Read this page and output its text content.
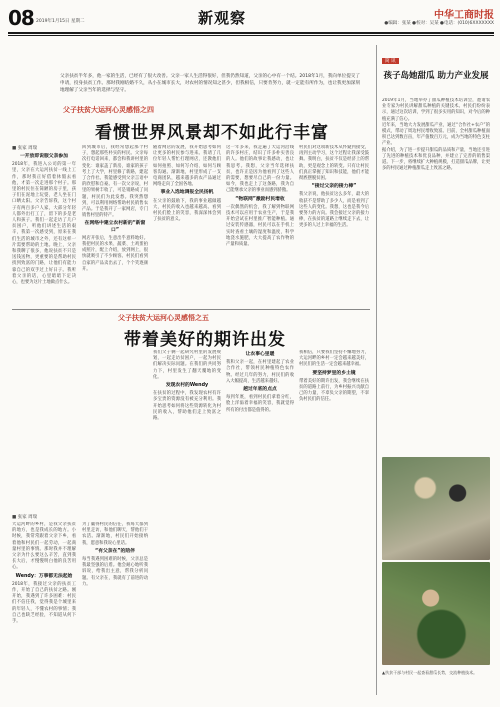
08 2019年1月15日 星期二	新观察	中华工商时报
●编辑：张某 ●校对：吴某 ●电话：(010)6XXXXXXX
父亲扶贫半年多，他一家的生活，已经有了很大改善。父亲一家人生活得很好，但我仍然知道，父亲的心中有一个结。2018年1月，我向单位提交了申请，投身扶贫工作。那时我刚结婚不久，从小在城市长大，对农村的情况知之甚少，但我相信，只要肯努力，就一定能有所作为，也让我更加深刻地理解了父亲当年的选择与坚守。
父子扶贫大运河心灵感悟之四
看惯世界风景却不如此行丰富
■ 张家 周瑞
一开放即说服父亲参加
2018年，我进入公司的第一年里，父亲在大运河扶贫一线上工作，那时我正好借着休假去看他，才第一次走进那个村子。那里的村民住在简陋的房子里，孩子们在泥地上玩耍，老人坐在门口晒太阳。父亲告诉我，这个村子有两百多户人家，大部分年轻人都外出打工了，留下的多是老人和孩子。我们一起走访了几户贫困户，听他们讲述生活的艰辛，我第一次感受到，原来在我们生活的城市之外，还有这样一片需要帮助的土地。晚上，父亲和我聊了很多，他说扶贫不只是送钱送物，更重要的是帮助村民找到致富的门路，让他们有能力靠自己的双手过上好日子。我听着父亲的话，心里暗暗下定决心，也要为这片土地做点什么。
回到城市后，我经常想起那个村子，想起那些朴实的村民。父亲每次打电话回来，都会和我讲村里的变化：谁家盖了新房，谁家的孩子考上了大学，村里修了新路，建起了合作社。我能感受到父亲言语中的欣慰和自豪。有一次父亲说，村里的果树丰收了，可是销路成了问题，村民们为此发愁。我突然想到，可以利用网络帮助村民销售农产品。于是我开了一家网店，专门销售村里的特产。
在网络中建立农村新的“新窗口”
网店开张后，生意出乎意料地好。我把村民的水果、蔬菜、土鸡蛋拍成照片，配上介绍，放到网上，很快就吸引了不少顾客。村民们看到自家的产品卖出去了，个个笑逐颜开。
随着网店的发展，我开始思考如何让更多的村民参与进来。我请了几位年轻人帮忙打理网店，还教他们如何拍照、如何写介绍、如何与顾客沟通。渐渐地，村里形成了一支电商团队，越来越多的农产品通过网络走向了全国各地。
事业入选地调报全民扬帆
在父亲的鼓励下，我的事业越做越大，村民的收入也越来越高。看到村民们脸上的笑容，我深深体会到了扶贫的意义。
这一年多来，我走遍了大运河沿线的许多村庄，结识了许多朴实善良的人。他们的故事让我感动，也让我思考。我想，父亲当年选择扶贫，也许正是因为他看到了这些人的需要，想要尽自己的一份力量。如今，我也走上了这条路，我为自己能继承父亲的事业而感到骄傲。
“物联网”激励村民增收
一次偶然的机会，我了解到物联网技术可以应用于农业生产，于是我开始尝试在村里推广智能种植。通过安装传感器，村民可以在手机上实时查看土壤的湿度和温度，科学地浇水施肥，大大提高了农作物的产量和质量。
村民们对这项新技术从怀疑到接受，再到主动学习，这个过程让我深受鼓舞。我明白，扶贫不仅是经济上的帮助，更是观念上的转变。只有让村民们真正掌握了知识和技能，他们才能彻底摆脱贫困。
“接过父亲的接力棒”
我父亲说，他扶贫这么多年，最大的收获不是帮助了多少人，而是看到了这些人的变化。我想，这也是我今后要努力的方向。我会接过父亲的接力棒，在扶贫的道路上继续走下去，让更多的人过上幸福的生活。
父子扶贫大运河心灵感悟之五
带着美好的期许出发
■ 张家 周瑞
大运河畔的乡村，是我父亲扶贫的地方，也是我成长的地方。小时候，我常常跟着父亲下乡，看着他和村民们一起劳动，一起商量村里的事情。那时我并不理解父亲为什么要这么辛苦，直到我长大后，才慢慢明白他的良苦用心。
Wendy：万事都无法起始
2018年，我接过父亲的扶贫工作，开始了自己的扶贫之路。刚开始，我遇到了许多困难：村民们不信任我，觉得我是个城里来的年轻人，不懂农村的事情；我自己也缺乏经验，不知道从何下手。
为了赢得村民的信任，我每天都到村里走访，和他们聊天，帮他们干农活。渐渐地，村民们开始接纳我，愿意和我说心里话。
“有父亲在”的陪伴
每当我遇到困难的时候，父亲总是我最坚强的后盾。他会耐心地听我诉说，给我出主意，帮我分析问题。有父亲在，我就有了前进的动力。
我们父子俩一起研究村里的发展规划，一起走访贫困户，一起为村民们解决实际问题。在我们的共同努力下，村里发生了翻天覆地的变化。
发现农村的Wendy
在扶贫的过程中，我发现农村有许多宝贵的资源没有被充分利用。我开始思考如何将这些资源转化为村民的收入，帮助他们走上致富之路。
让农事心里暖
我和父亲一起，在村里建起了农业合作社，带领村民种植特色农作物。经过几年的努力，村民们的收入大幅提高，生活越来越好。
越过年底的点点
每到年底，看到村民们拿着分红，脸上洋溢着幸福的笑容，我就觉得所有的付出都是值得的。
我相信，只要我们坚持不懈地努力，大运河畔的乡村一定会越来越美好，村民们的生活一定会越来越幸福。
要坚持梦里的乡土镜
带着美好的期许出发，我会继续在扶贫的道路上前行，为乡村振兴贡献自己的力量，不辜负父亲的期望，不辜负村民们的信任。
简 讯
孩子岛她甜瓜 助力产业发展
2019年1月，当地举办了甜瓜种植技术培训会，邀请农业专家为村民讲解甜瓜种植的关键技术。村民们纷纷表示，通过这次培训，学到了很多实用的知识，对今后的种植充满了信心。
近年来，当地大力发展甜瓜产业，通过“合作社+农户”的模式，带动了周边村民增收致富。目前，全村甜瓜种植面积已达到数百亩，年产值数百万元，成为当地的特色支柱产业。
据介绍，为了进一步提升甜瓜的品质和产量，当地还引进了先进的种植技术和优良品种，并建立了完善的销售渠道。下一步，将继续扩大种植规模，打造甜瓜品牌，让更多的村民通过种植甜瓜走上致富之路。
▲扶贫干部与村民一起查看甜瓜长势，交流种植技术。
